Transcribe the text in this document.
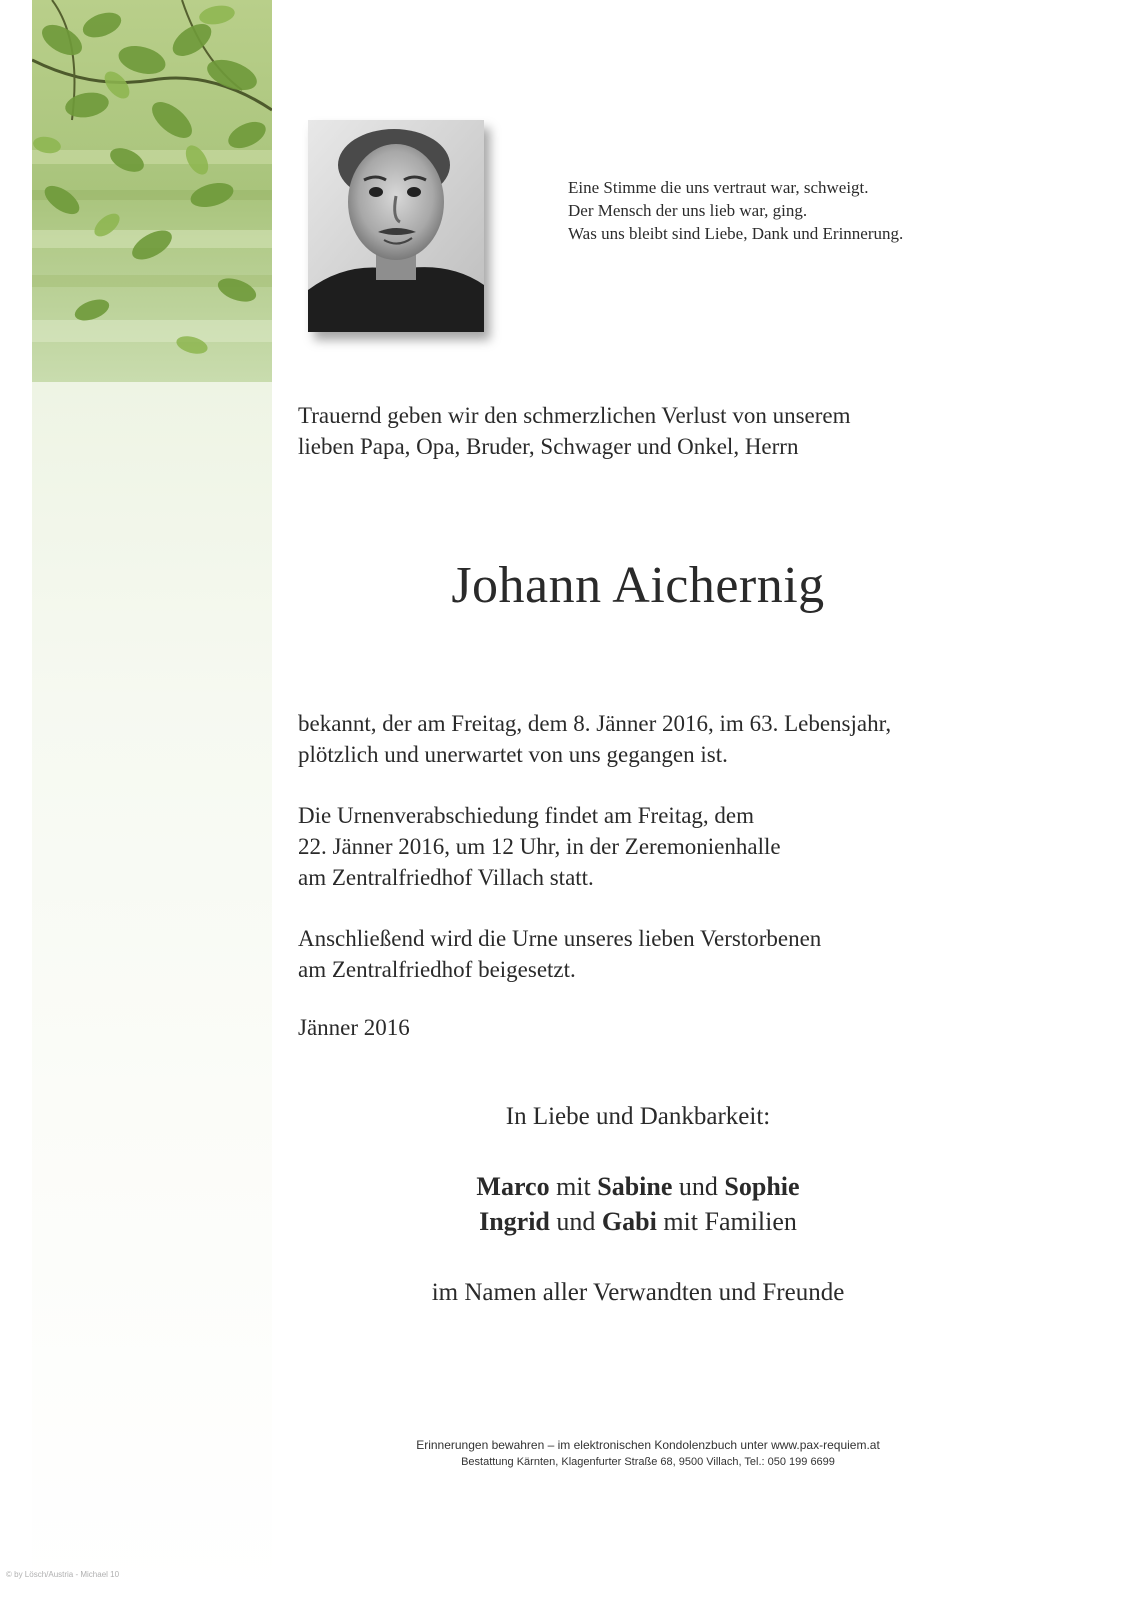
Eine Stimme die uns vertraut war, schweigt.
Der Mensch der uns lieb war, ging.
Was uns bleibt sind Liebe, Dank und Erinnerung.
Trauernd geben wir den schmerzlichen Verlust von unserem
lieben Papa, Opa, Bruder, Schwager und Onkel, Herrn
Johann Aichernig
bekannt, der am Freitag, dem 8. Jänner 2016, im 63. Lebensjahr,
plötzlich und unerwartet von uns gegangen ist.
Die Urnenverabschiedung findet am Freitag, dem
22. Jänner 2016, um 12 Uhr, in der Zeremonienhalle
am Zentralfriedhof Villach statt.
Anschließend wird die Urne unseres lieben Verstorbenen
am Zentralfriedhof beigesetzt.
Jänner 2016
In Liebe und Dankbarkeit:
Marco mit Sabine und Sophie
Ingrid und Gabi mit Familien
im Namen aller Verwandten und Freunde
Erinnerungen bewahren – im elektronischen Kondolenzbuch unter www.pax-requiem.at
Bestattung Kärnten, Klagenfurter Straße 68, 9500 Villach, Tel.: 050 199 6699
© by Lösch/Austria - Michael 10
